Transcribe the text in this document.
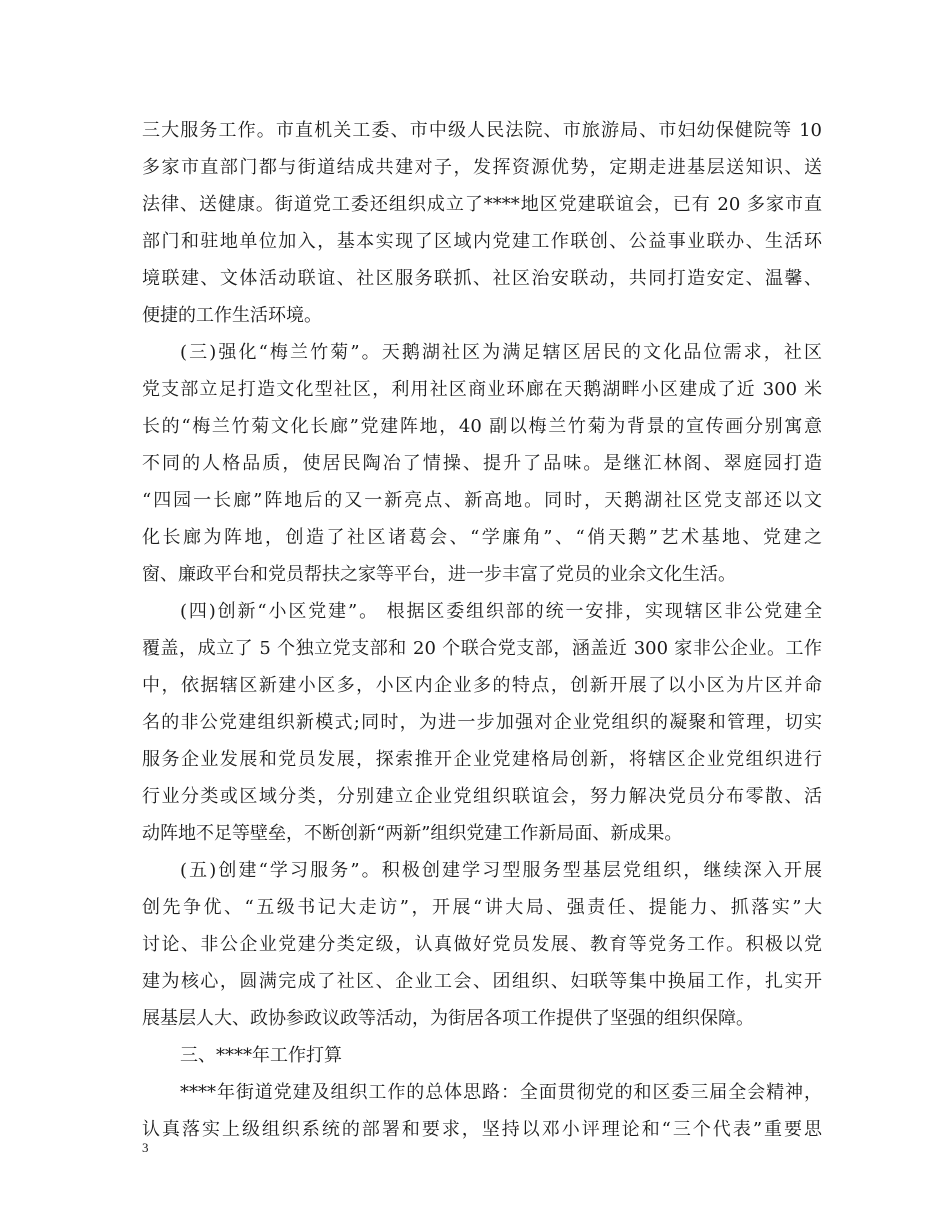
三大服务工作。市直机关工委、市中级人民法院、市旅游局、市妇幼保健院等 10
多家市直部门都与街道结成共建对子，发挥资源优势，定期走进基层送知识、送
法律、送健康。街道党工委还组织成立了****地区党建联谊会，已有 20 多家市直
部门和驻地单位加入，基本实现了区域内党建工作联创、公益事业联办、生活环
境联建、文体活动联谊、社区服务联抓、社区治安联动，共同打造安定、温馨、
便捷的工作生活环境。
(三)强化“梅兰竹菊”。天鹅湖社区为满足辖区居民的文化品位需求，社区
党支部立足打造文化型社区，利用社区商业环廊在天鹅湖畔小区建成了近 300 米
长的“梅兰竹菊文化长廊”党建阵地，40 副以梅兰竹菊为背景的宣传画分别寓意
不同的人格品质，使居民陶冶了情操、提升了品味。是继汇林阁、翠庭园打造
“四园一长廊”阵地后的又一新亮点、新高地。同时，天鹅湖社区党支部还以文
化长廊为阵地，创造了社区诸葛会、“学廉角”、“俏天鹅”艺术基地、党建之
窗、廉政平台和党员帮扶之家等平台，进一步丰富了党员的业余文化生活。
(四)创新“小区党建”。 根据区委组织部的统一安排，实现辖区非公党建全
覆盖，成立了 5 个独立党支部和 20 个联合党支部，涵盖近 300 家非公企业。工作
中，依据辖区新建小区多，小区内企业多的特点，创新开展了以小区为片区并命
名的非公党建组织新模式;同时，为进一步加强对企业党组织的凝聚和管理，切实
服务企业发展和党员发展，探索推开企业党建格局创新，将辖区企业党组织进行
行业分类或区域分类，分别建立企业党组织联谊会，努力解决党员分布零散、活
动阵地不足等壁垒，不断创新“两新”组织党建工作新局面、新成果。
(五)创建“学习服务”。积极创建学习型服务型基层党组织，继续深入开展
创先争优、“五级书记大走访”，开展“讲大局、强责任、提能力、抓落实”大
讨论、非公企业党建分类定级，认真做好党员发展、教育等党务工作。积极以党
建为核心，圆满完成了社区、企业工会、团组织、妇联等集中换届工作，扎实开
展基层人大、政协参政议政等活动，为街居各项工作提供了坚强的组织保障。
三、****年工作打算
****年街道党建及组织工作的总体思路：全面贯彻党的和区委三届全会精神，
认真落实上级组织系统的部署和要求，坚持以邓小评理论和“三个代表”重要思
3
